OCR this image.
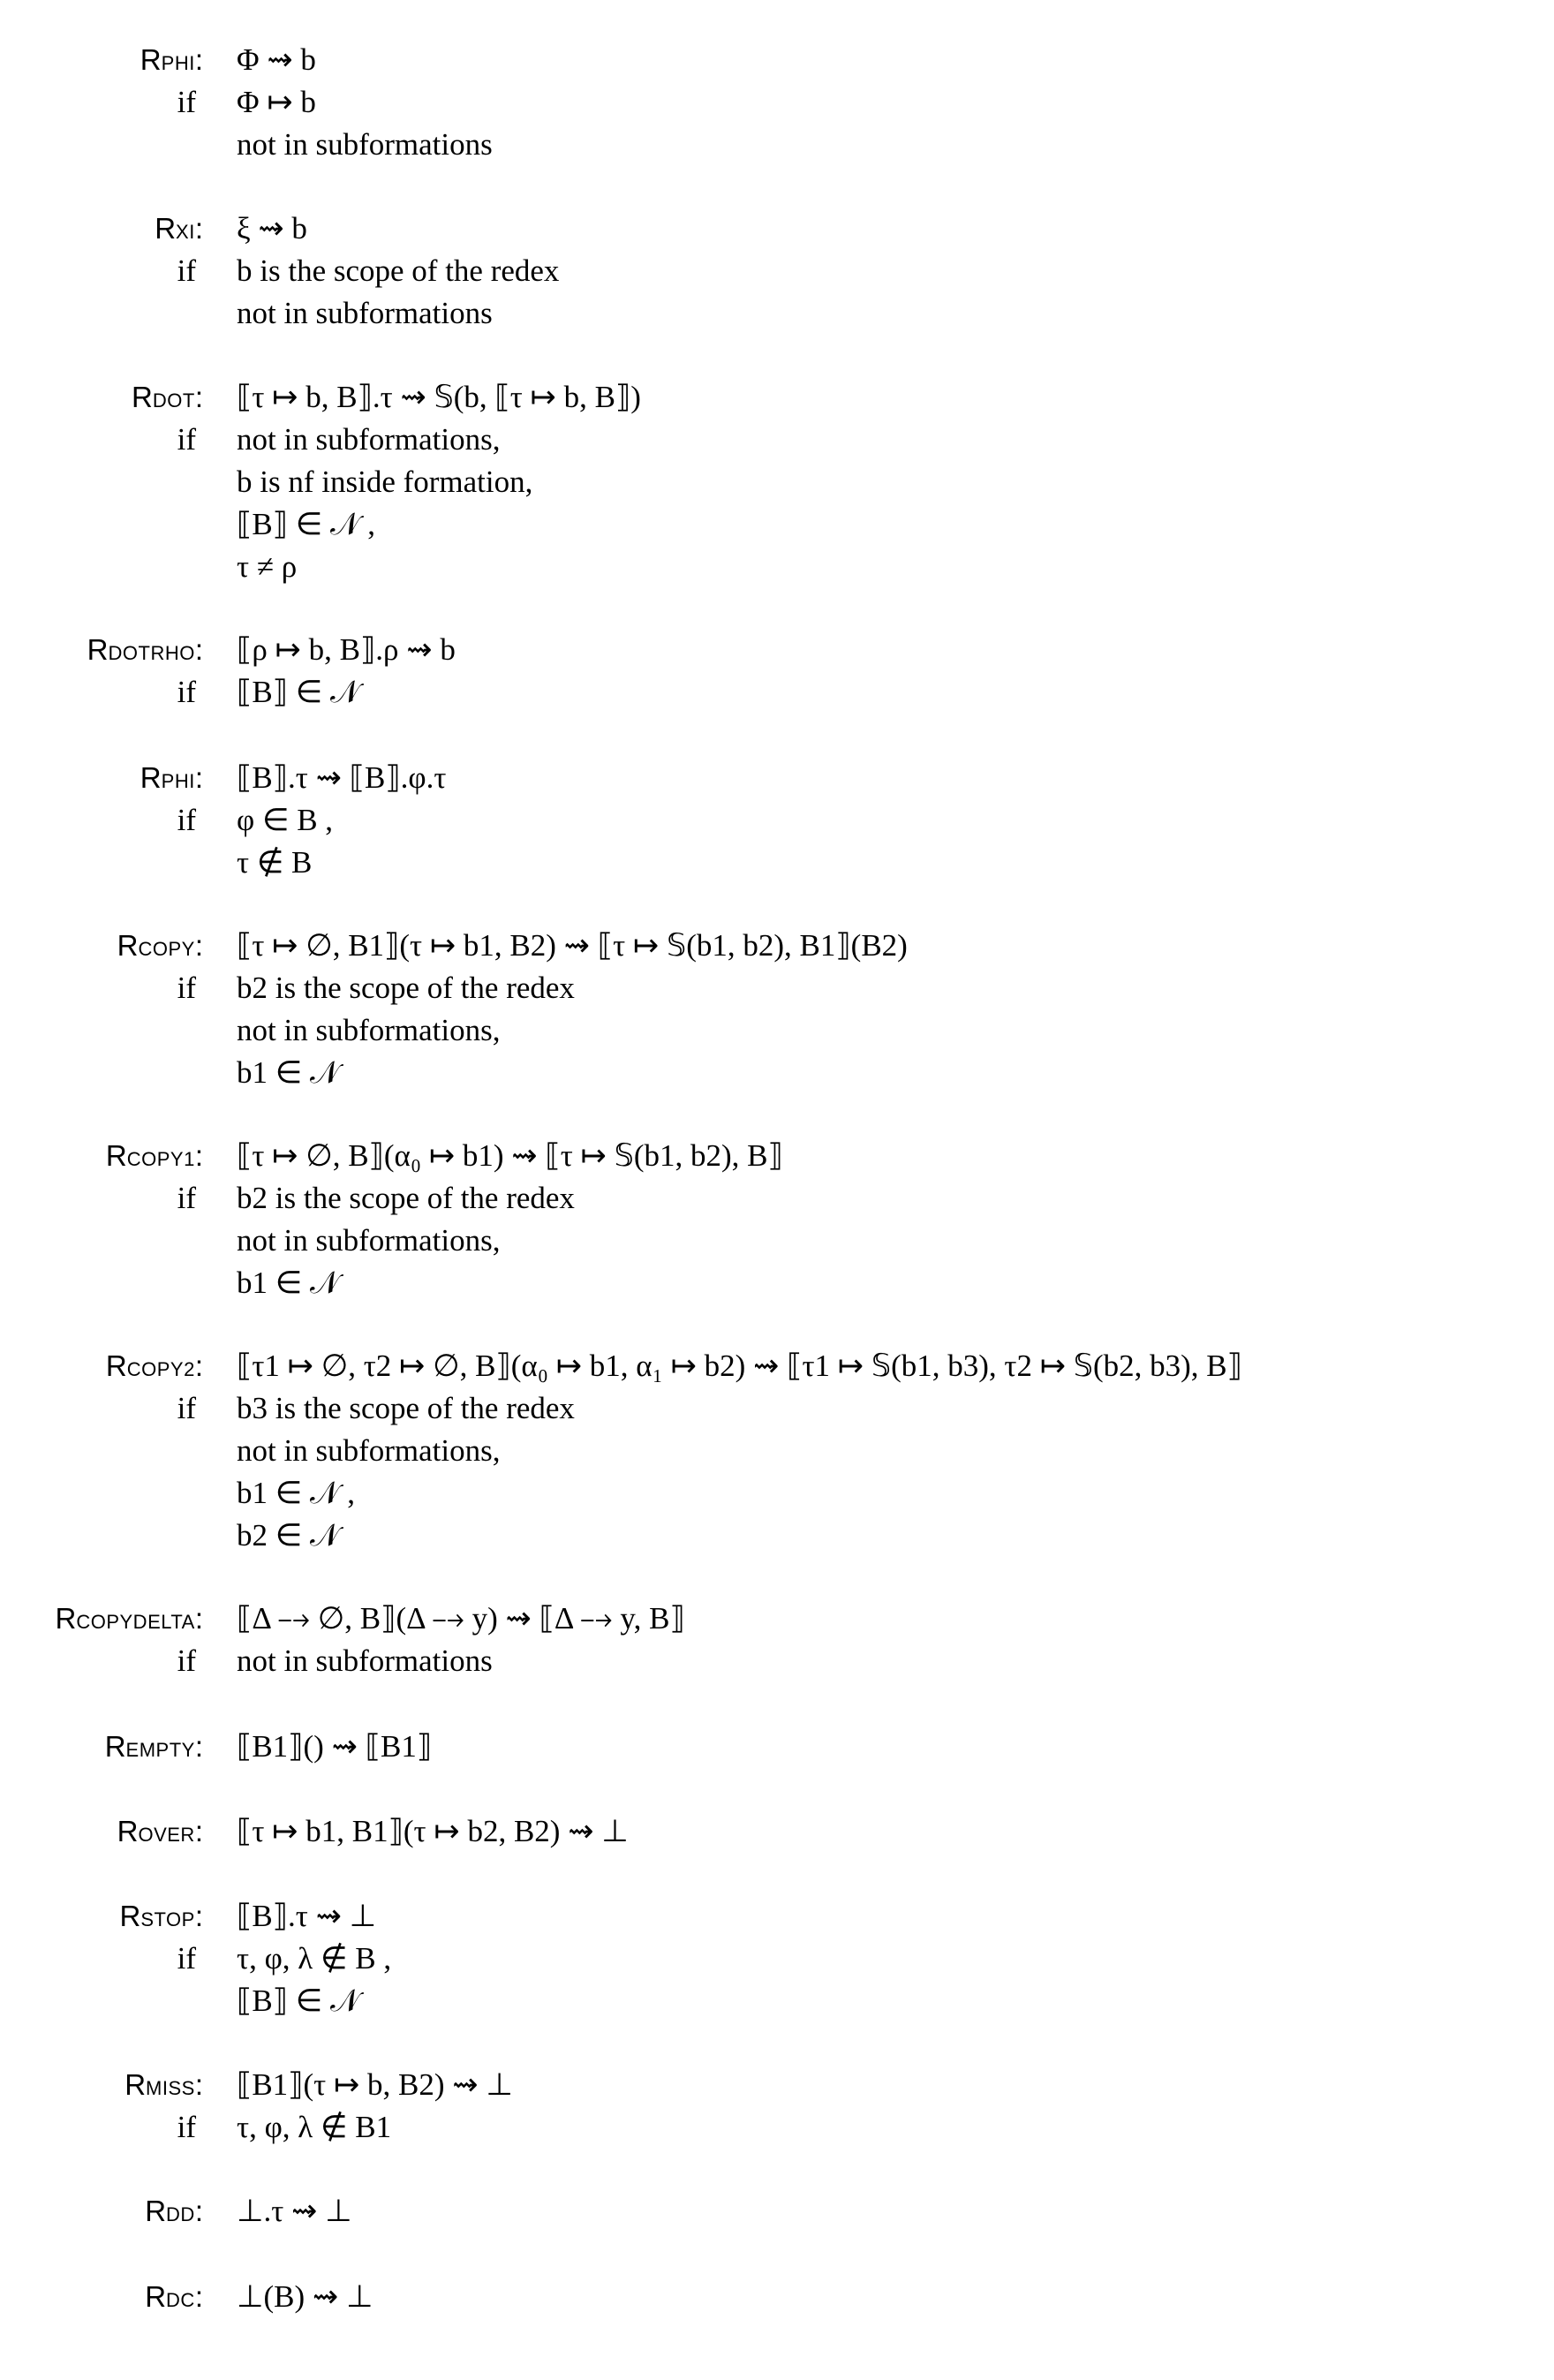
RPHI: Φ ⇝ b
if Φ ↦ b
not in subformations
RXI: ξ ⇝ b
if b is the scope of the redex
not in subformations
RDOT: ⟦τ ↦ b, B⟧.τ ⇝ 𝕊(b, ⟦τ ↦ b, B⟧)
if not in subformations,
b is nf inside formation,
⟦B⟧ ∈ 𝒩 ,
τ ≠ ρ
RDOTRHO: ⟦ρ ↦ b, B⟧.ρ ⇝ b
if ⟦B⟧ ∈ 𝒩
RPHI: ⟦B⟧.τ ⇝ ⟦B⟧.φ.τ
if φ ∈ B ,
τ ∉ B
RCOPY: ⟦τ ↦ ∅, B1⟧(τ ↦ b1, B2) ⇝ ⟦τ ↦ 𝕊(b1, b2), B1⟧(B2)
if b2 is the scope of the redex
not in subformations,
b1 ∈ 𝒩
RCOPY1: ⟦τ ↦ ∅, B⟧(α₀ ↦ b1) ⇝ ⟦τ ↦ 𝕊(b1, b2), B⟧
if b2 is the scope of the redex
not in subformations,
b1 ∈ 𝒩
RCOPY2: ⟦τ1 ↦ ∅, τ2 ↦ ∅, B⟧(α₀ ↦ b1, α₁ ↦ b2) ⇝ ⟦τ1 ↦ 𝕊(b1, b3), τ2 ↦ 𝕊(b2, b3), B⟧
if b3 is the scope of the redex
not in subformations,
b1 ∈ 𝒩 ,
b2 ∈ 𝒩
RCOPYDELTA: ⟦Δ ⤍ ∅, B⟧(Δ ⤍ y) ⇝ ⟦Δ ⤍ y, B⟧
if not in subformations
REMPTY: ⟦B1⟧() ⇝ ⟦B1⟧
ROVER: ⟦τ ↦ b1, B1⟧(τ ↦ b2, B2) ⇝ ⊥
RSTOP: ⟦B⟧.τ ⇝ ⊥
if τ, φ, λ ∉ B ,
⟦B⟧ ∈ 𝒩
RMISS: ⟦B1⟧(τ ↦ b, B2) ⇝ ⊥
if τ, φ, λ ∉ B1
RDD: ⊥.τ ⇝ ⊥
RDC: ⊥(B) ⇝ ⊥
